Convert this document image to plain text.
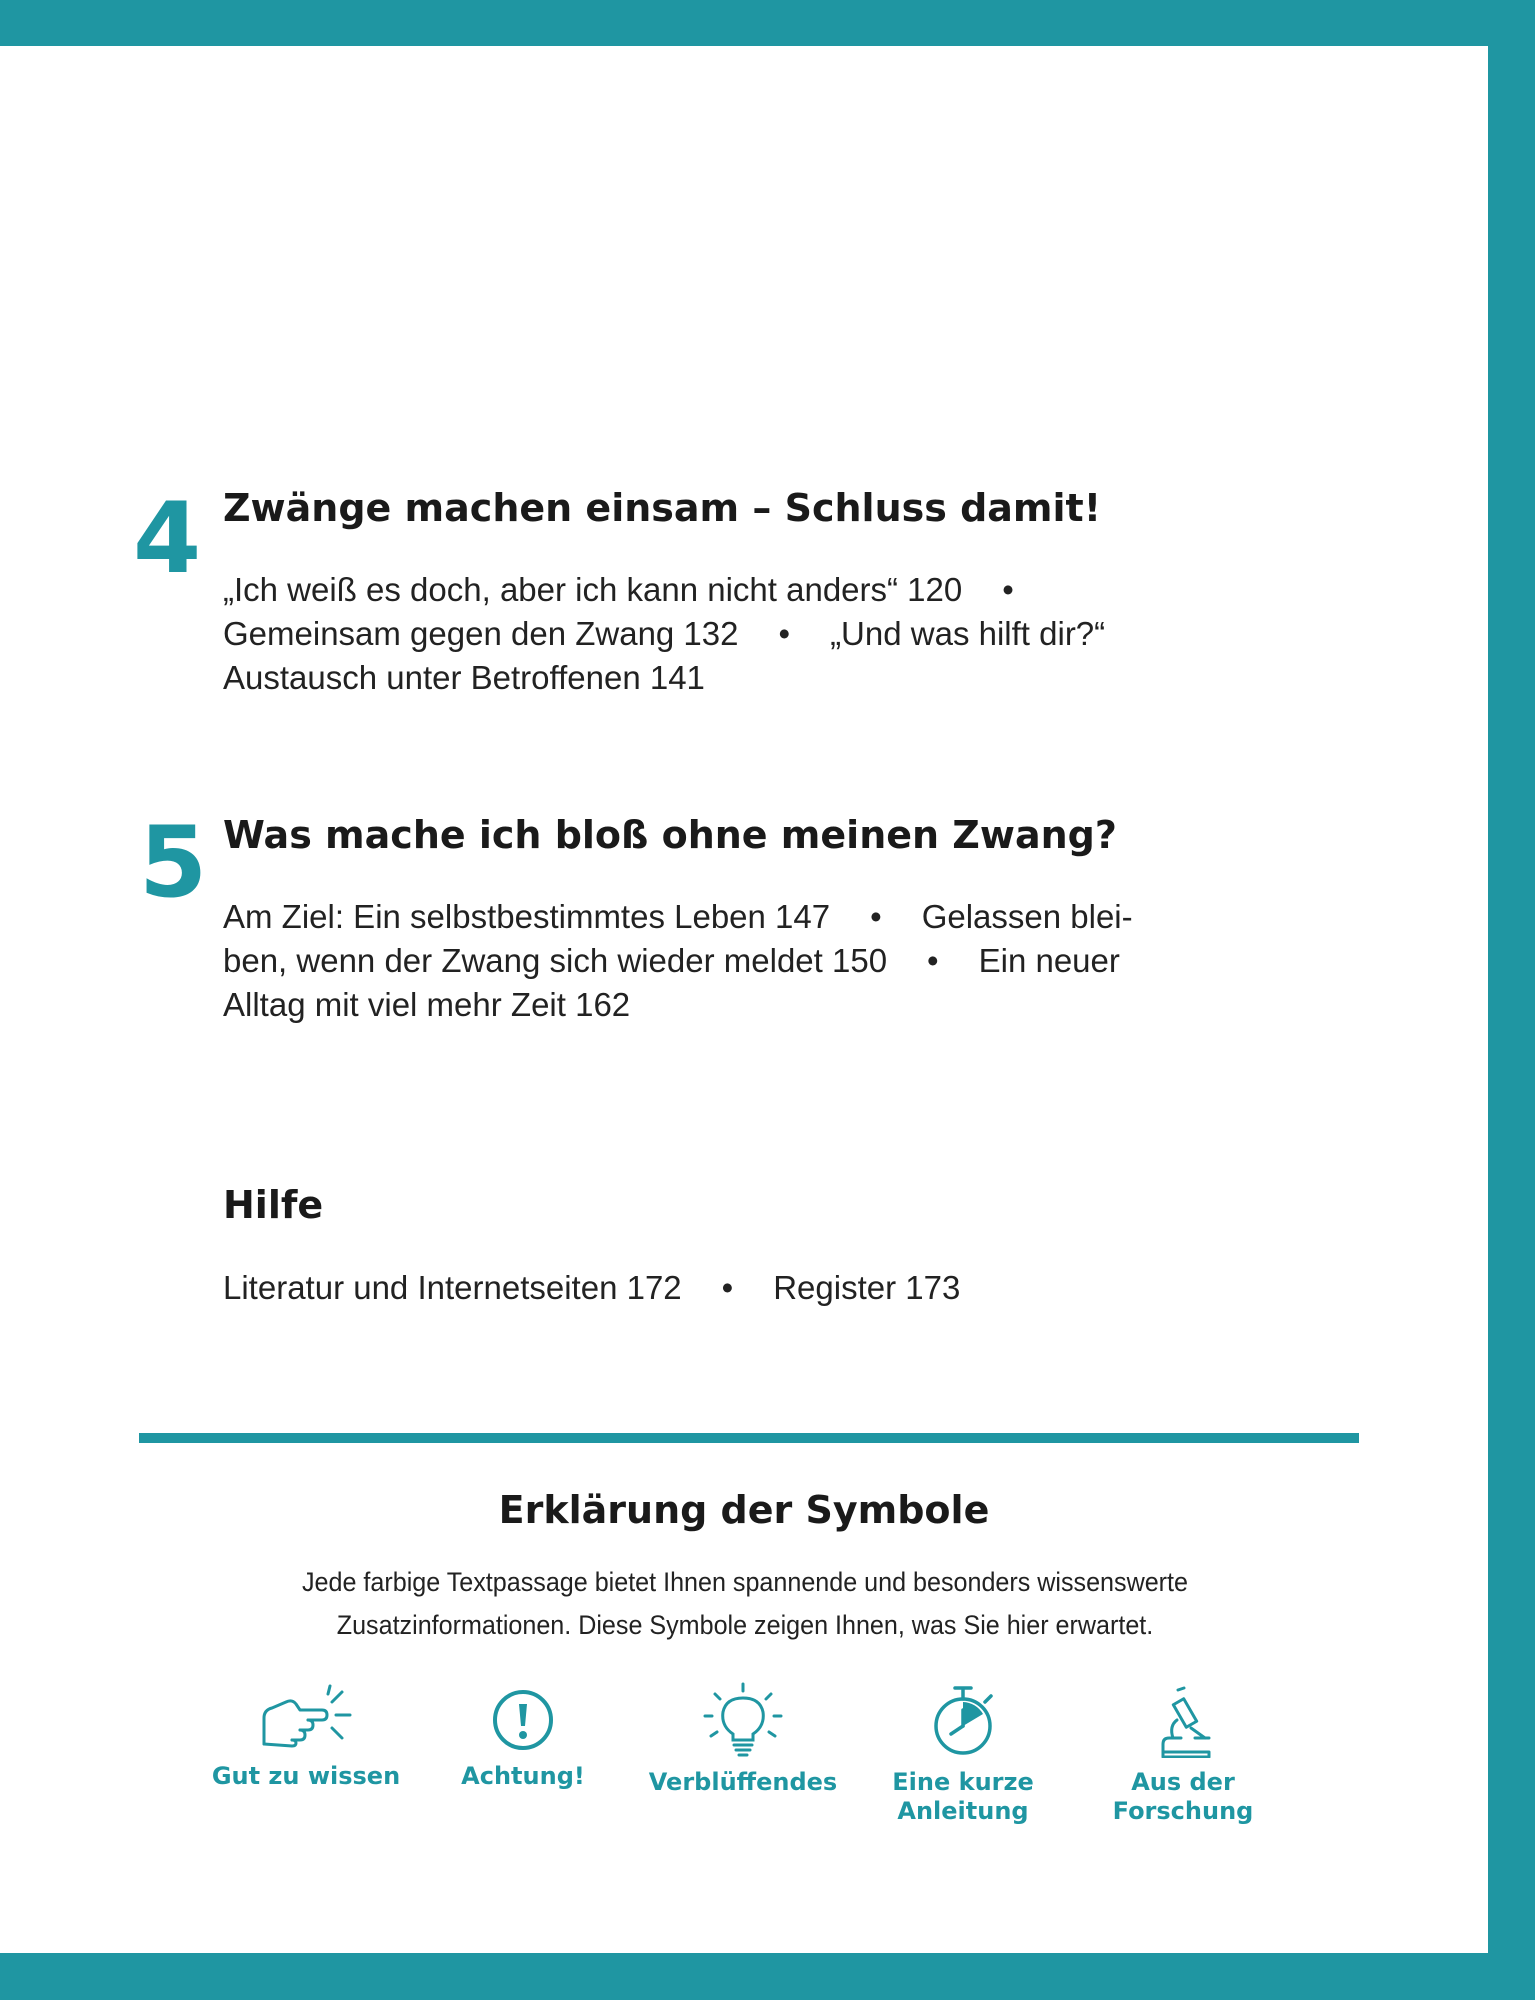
4 Zwänge machen einsam – Schluss damit!
„Ich weiß es doch, aber ich kann nicht anders“ 120 •
Gemeinsam gegen den Zwang 132 • „Und was hilft dir?“
Austausch unter Betroffenen 141
5 Was mache ich bloß ohne meinen Zwang?
Am Ziel: Ein selbstbestimmtes Leben 147 • Gelassen blei-
ben, wenn der Zwang sich wieder meldet 150 • Ein neuer
Alltag mit viel mehr Zeit 162
Hilfe
Literatur und Internetseiten 172 • Register 173
Erklärung der Symbole
Jede farbige Textpassage bietet Ihnen spannende und besonders wissenswerte Zusatzinformationen. Diese Symbole zeigen Ihnen, was Sie hier erwartet.
Gut zu wissen	Achtung!	Verblüffendes	Eine kurze Anleitung
Aus der Forschung
